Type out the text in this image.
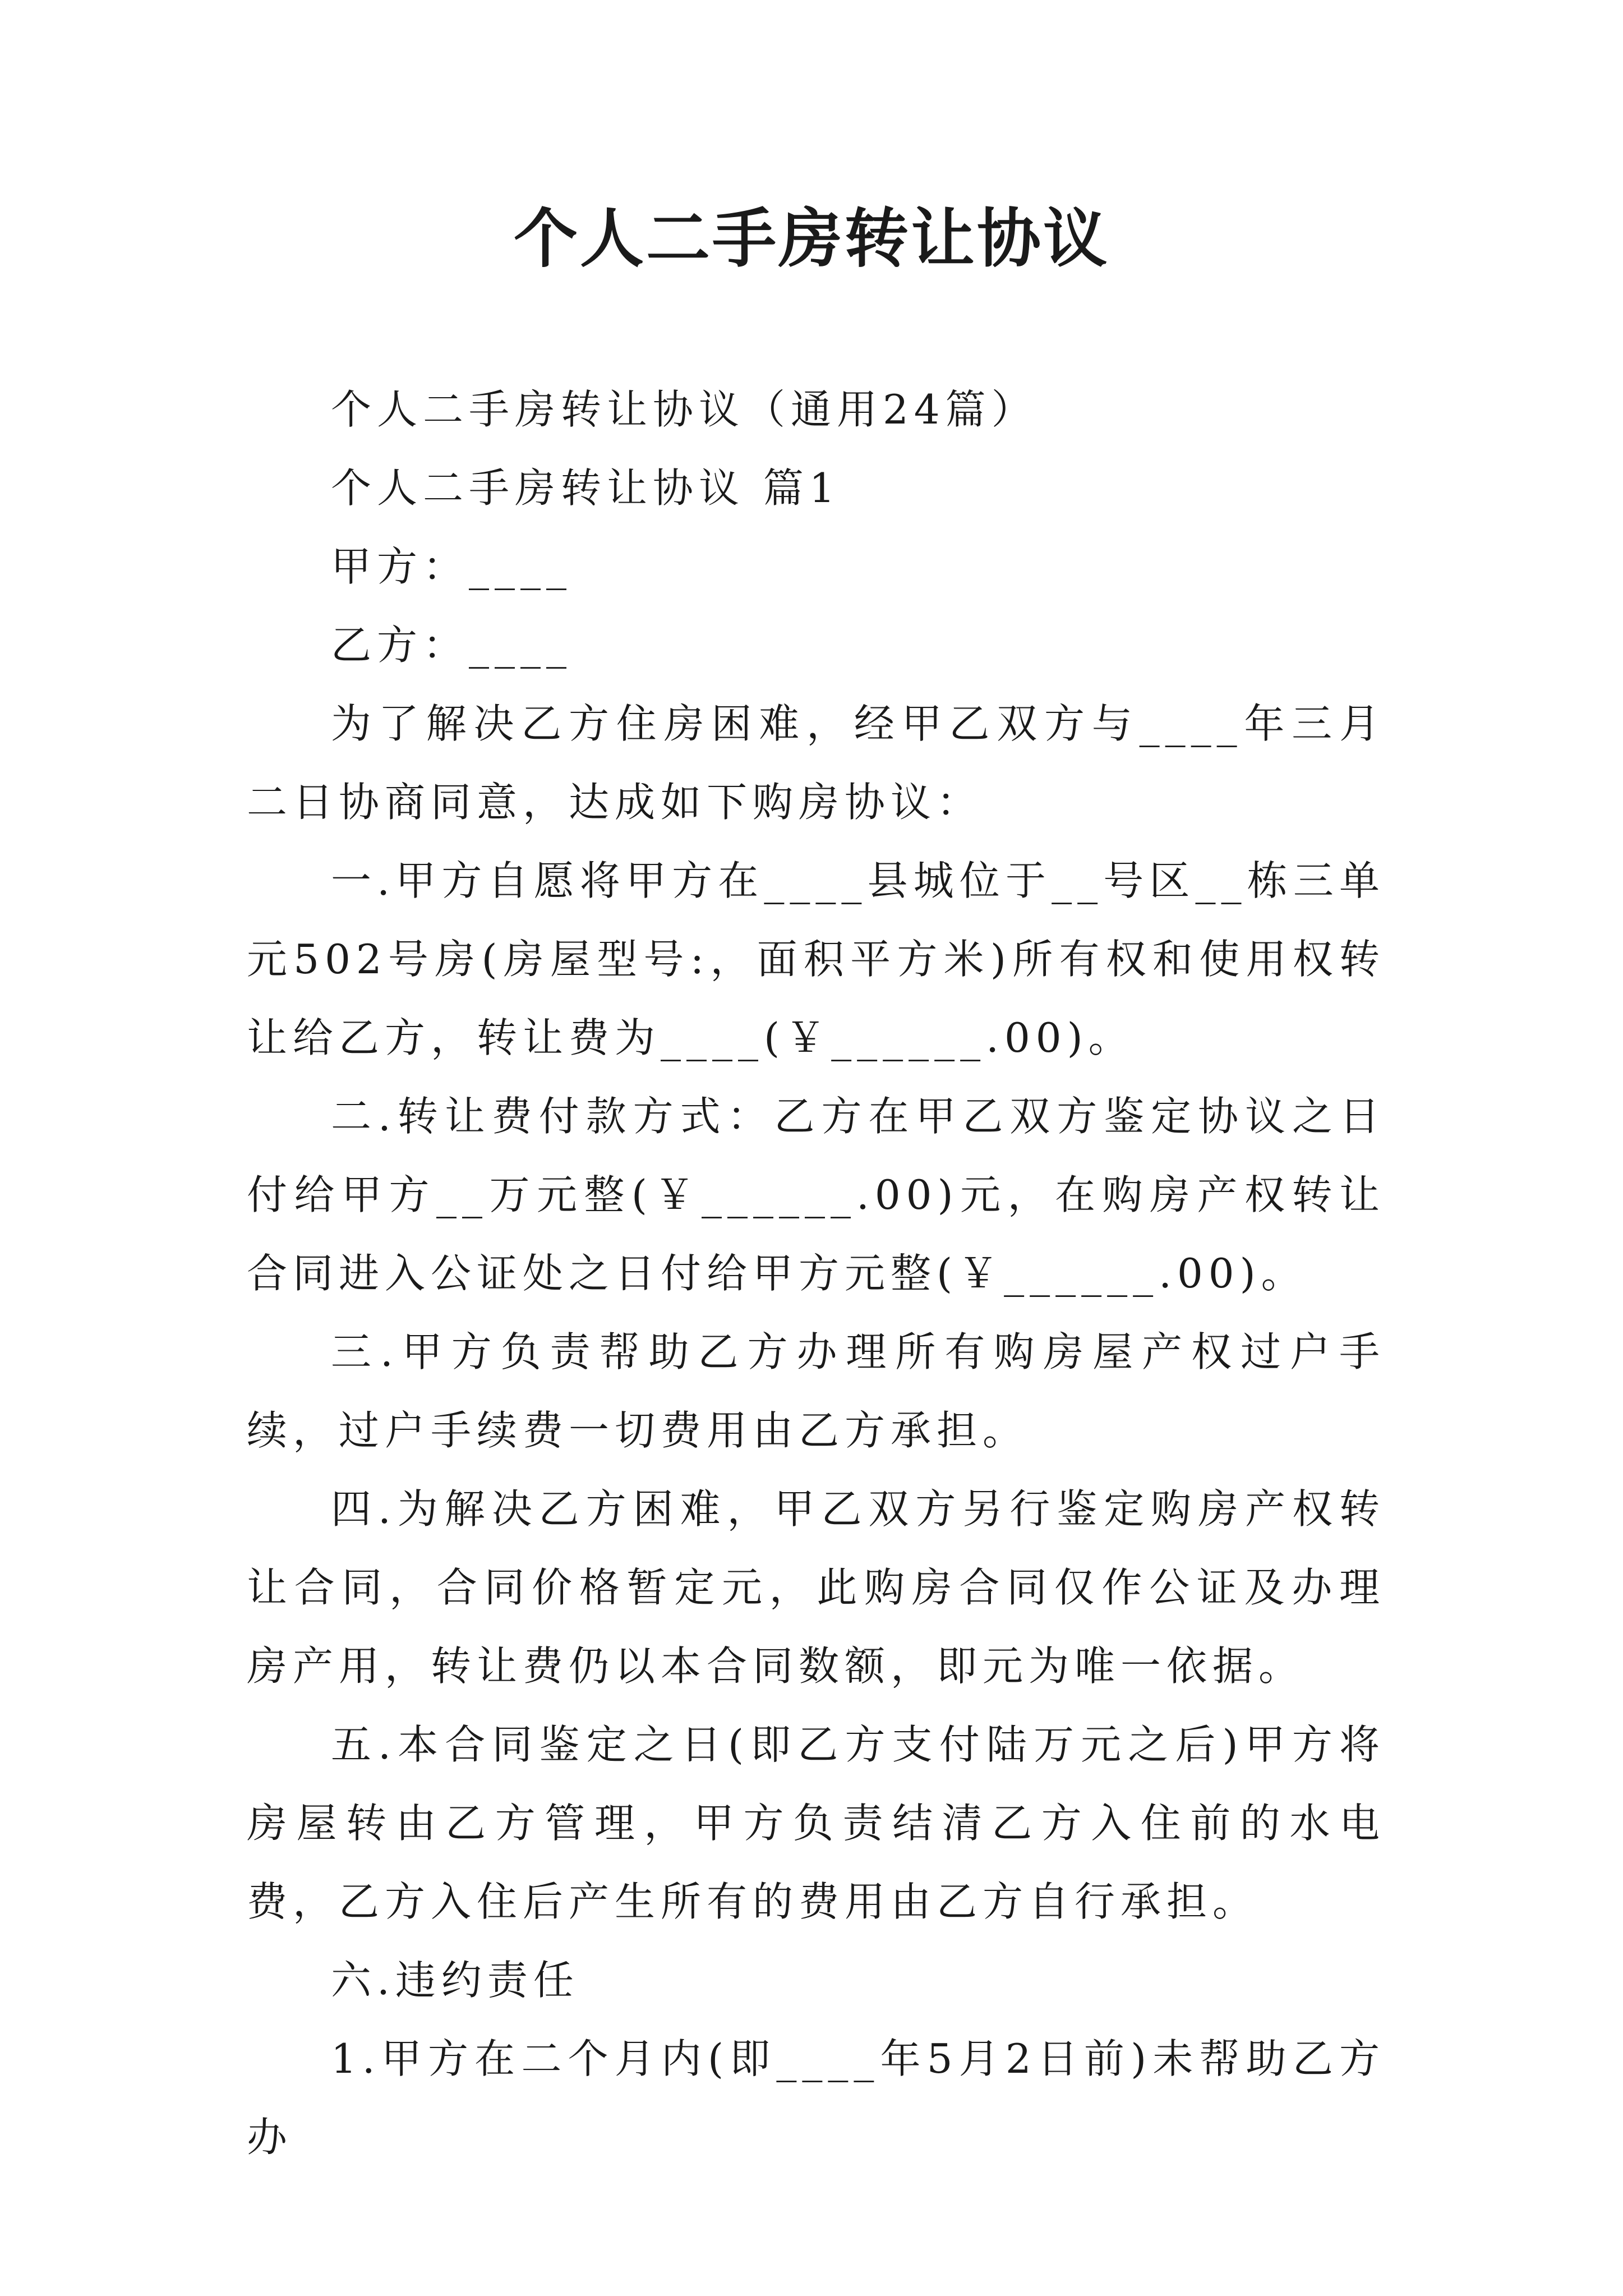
个人二手房转让协议

个人二手房转让协议（通用24篇）

个人二手房转让协议 篇1

甲方：____

乙方：____

为了解决乙方住房困难，经甲乙双方与____年三月二日协商同意，达成如下购房协议：

一.甲方自愿将甲方在____县城位于__号区__栋三单元502号房(房屋型号:，面积平方米)所有权和使用权转让给乙方，转让费为____(￥______.00)。

二.转让费付款方式：乙方在甲乙双方鉴定协议之日付给甲方__万元整(￥______.00)元，在购房产权转让合同进入公证处之日付给甲方元整(￥______.00)。

三.甲方负责帮助乙方办理所有购房屋产权过户手续，过户手续费一切费用由乙方承担。

四.为解决乙方困难，甲乙双方另行鉴定购房产权转让合同，合同价格暂定元，此购房合同仅作公证及办理房产用，转让费仍以本合同数额，即元为唯一依据。

五.本合同鉴定之日(即乙方支付陆万元之后)甲方将房屋转由乙方管理，甲方负责结清乙方入住前的水电费，乙方入住后产生所有的费用由乙方自行承担。

六.违约责任

1.甲方在二个月内(即____年5月2日前)未帮助乙方办
